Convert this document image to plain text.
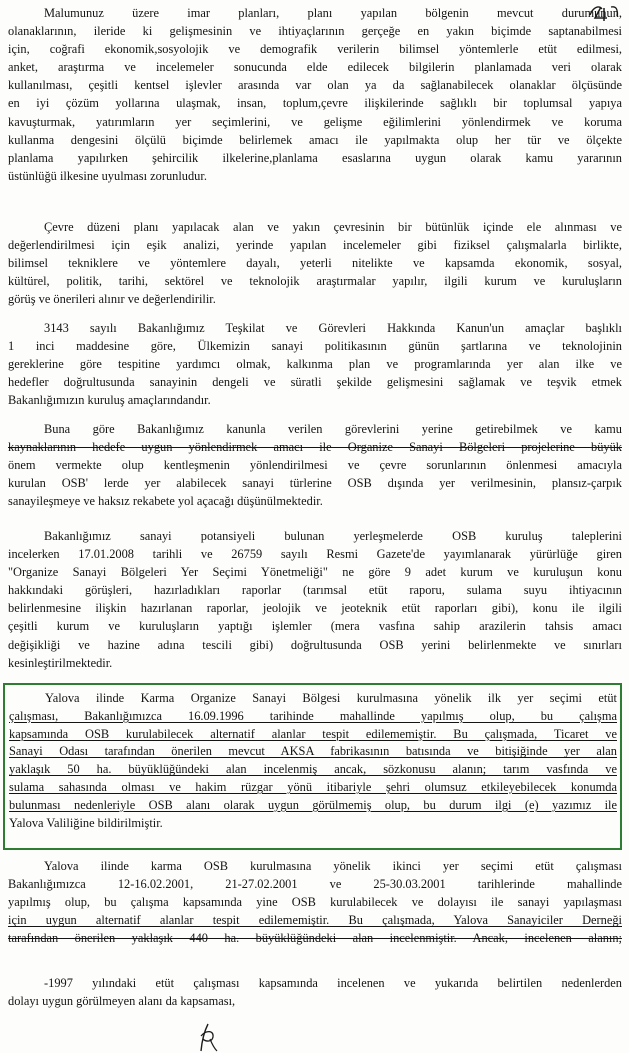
Malumunuz üzere imar planları, planı yapılan bölgenin mevcut durumunun,
olanaklarının, ileride ki gelişmesinin ve ihtiyaçlarının gerçeğe en yakın biçimde saptanabilmesi
için, coğrafi ekonomik,sosyolojik ve demografik verilerin bilimsel yöntemlerle etüt edilmesi,
anket, araştırma ve incelemeler sonucunda elde edilecek bilgilerin planlamada veri olarak
kullanılması, çeşitli kentsel işlevler arasında var olan ya da sağlanabilecek olanaklar ölçüsünde
en iyi çözüm yollarına ulaşmak, insan, toplum,çevre ilişkilerinde sağlıklı bir toplumsal yapıya
kavuşturmak, yatırımların yer seçimlerini, ve gelişme eğilimlerini yönlendirmek ve koruma
kullanma dengesini ölçülü biçimde belirlemek amacı ile yapılmakta olup her tür ve ölçekte
planlama yapılırken şehircilik ilkelerine,planlama esaslarına uygun olarak kamu yararının
üstünlüğü ilkesine uyulması zorunludur.
Çevre düzeni planı yapılacak alan ve yakın çevresinin bir bütünlük içinde ele alınması ve
değerlendirilmesi için eşik analizi, yerinde yapılan incelemeler gibi fiziksel çalışmalarla birlikte,
bilimsel tekniklere ve yöntemlere dayalı, yeterli nitelikte ve kapsamda ekonomik, sosyal,
kültürel, politik, tarihi, sektörel ve teknolojik araştırmalar yapılır, ilgili kurum ve kuruluşların
görüş ve önerileri alınır ve değerlendirilir.
3143 sayılı Bakanlığımız Teşkilat ve Görevleri Hakkında Kanun'un amaçlar başlıklı
1 inci maddesine göre, Ülkemizin sanayi politikasının günün şartlarına ve teknolojinin
gereklerine göre tespitine yardımcı olmak, kalkınma plan ve programlarında yer alan ilke ve
hedefler doğrultusunda sanayinin dengeli ve süratli şekilde gelişmesini sağlamak ve teşvik etmek
Bakanlığımızın kuruluş amaçlarındandır.
Buna göre Bakanlığımız kanunla verilen görevlerini yerine getirebilmek ve kamu
kaynaklarının hedefe uygun yönlendirmek amacı ile Organize Sanayi Bölgeleri projelerine büyük
önem vermekte olup kentleşmenin yönlendirilmesi ve çevre sorunlarının önlenmesi amacıyla
kurulan OSB' lerde yer alabilecek sanayi türlerine OSB dışında yer verilmesinin, plansız-çarpık
sanayileşmeye ve haksız rekabete yol açacağı düşünülmektedir.
Bakanlığımız sanayi potansiyeli bulunan yerleşmelerde OSB kuruluş taleplerini
incelerken 17.01.2008 tarihli ve 26759 sayılı Resmi Gazete'de yayımlanarak yürürlüğe giren
"Organize Sanayi Bölgeleri Yer Seçimi Yönetmeliği" ne göre 9 adet kurum ve kuruluşun konu
hakkındaki görüşleri, hazırladıkları raporlar (tarımsal etüt raporu, sulama suyu ihtiyacının
belirlenmesine ilişkin hazırlanan raporlar, jeolojik ve jeoteknik etüt raporları gibi), konu ile ilgili
çeşitli kurum ve kuruluşların yaptığı işlemler (mera vasfına sahip arazilerin tahsis amacı
değişikliği ve hazine adına tescili gibi) doğrultusunda OSB yerini belirlenmekte ve sınırları
kesinleştirilmektedir.
Yalova ilinde Karma Organize Sanayi Bölgesi kurulmasına yönelik ilk yer seçimi etüt
çalışması, Bakanlığımızca 16.09.1996 tarihinde mahallinde yapılmış olup, bu çalışma
kapsamında OSB kurulabilecek alternatif alanlar tespit edilememiştir. Bu çalışmada, Ticaret ve
Sanayi Odası tarafından önerilen mevcut AKSA fabrikasının batısında ve bitişiğinde yer alan
yaklaşık 50 ha. büyüklüğündeki alan incelenmiş ancak, sözkonusu alanın; tarım vasfında ve
sulama sahasında olması ve hakim rüzgar yönü itibariyle şehri olumsuz etkileyebilecek konumda
bulunması nedenleriyle OSB alanı olarak uygun görülmemiş olup, bu durum ilgi (e) yazımız ile
Yalova Valiliğine bildirilmiştir.
Yalova ilinde karma OSB kurulmasına yönelik ikinci yer seçimi etüt çalışması
Bakanlığımızca 12-16.02.2001, 21-27.02.2001 ve 25-30.03.2001 tarihlerinde mahallinde
yapılmış olup, bu çalışma kapsamında yine OSB kurulabilecek ve dolayısı ile sanayi yapılaşması
için uygun alternatif alanlar tespit edilememiştir. Bu çalışmada, Yalova Sanayiciler Derneği
tarafından önerilen yaklaşık 440 ha. büyüklüğündeki alan incelenmiştir. Ancak, incelenen alanın;
-1997 yılındaki etüt çalışması kapsamında incelenen ve yukarıda belirtilen nedenlerden
dolayı uygun görülmeyen alanı da kapsaması,
